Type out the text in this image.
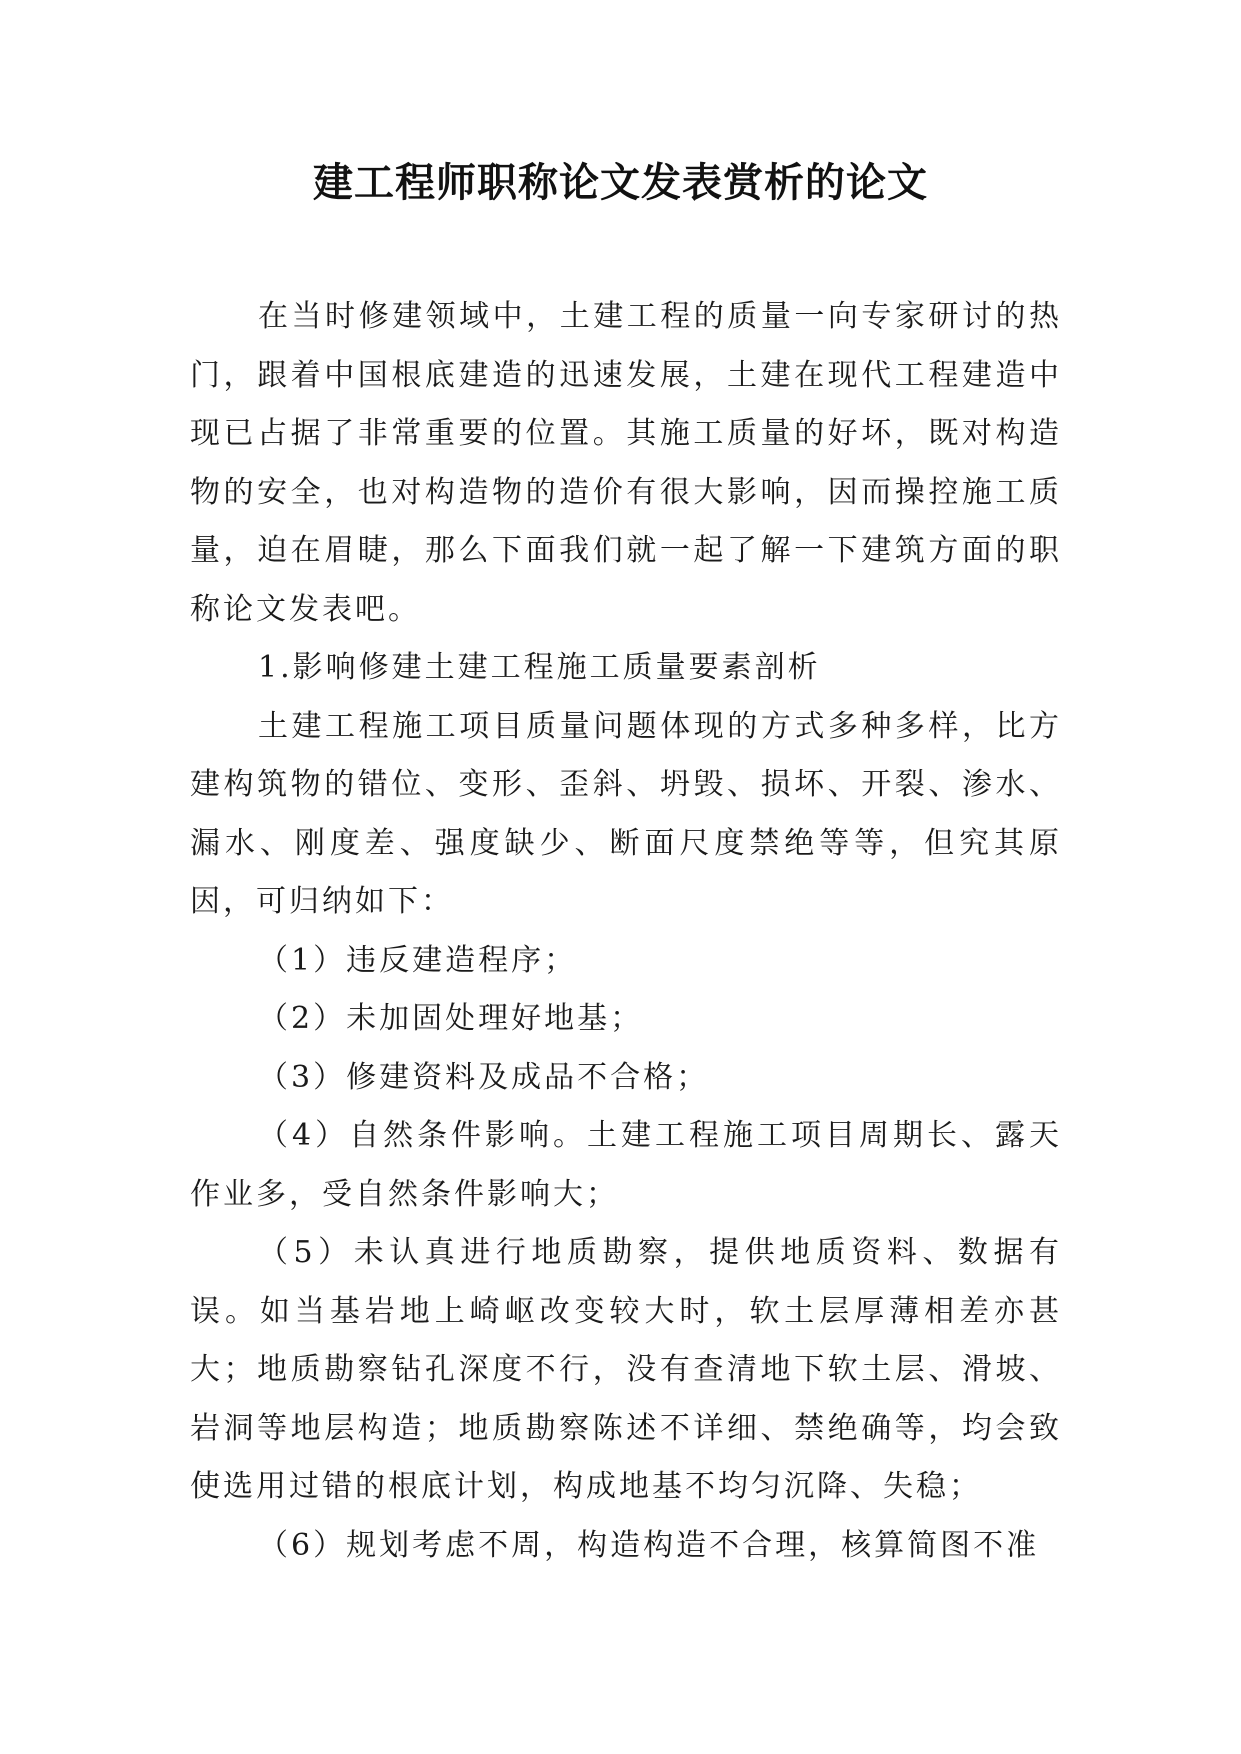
建工程师职称论文发表赏析的论文

在当时修建领域中，土建工程的质量一向专家研讨的热门，跟着中国根底建造的迅速发展，土建在现代工程建造中现已占据了非常重要的位置。其施工质量的好坏，既对构造物的安全，也对构造物的造价有很大影响，因而操控施工质量，迫在眉睫，那么下面我们就一起了解一下建筑方面的职称论文发表吧。

1.影响修建土建工程施工质量要素剖析

土建工程施工项目质量问题体现的方式多种多样，比方建构筑物的错位、变形、歪斜、坍毁、损坏、开裂、渗水、漏水、刚度差、强度缺少、断面尺度禁绝等等，但究其原因，可归纳如下：

（1）违反建造程序；

（2）未加固处理好地基；

（3）修建资料及成品不合格；

（4）自然条件影响。土建工程施工项目周期长、露天作业多，受自然条件影响大；

（5）未认真进行地质勘察，提供地质资料、数据有误。如当基岩地上崎岖改变较大时，软土层厚薄相差亦甚大；地质勘察钻孔深度不行，没有查清地下软土层、滑坡、岩洞等地层构造；地质勘察陈述不详细、禁绝确等，均会致使选用过错的根底计划，构成地基不均匀沉降、失稳；

（6）规划考虑不周，构造构造不合理，核算简图不准
